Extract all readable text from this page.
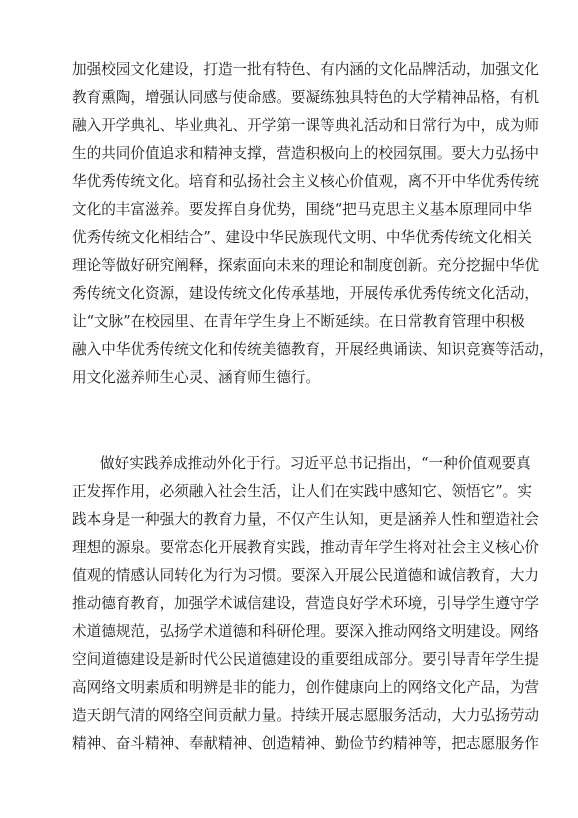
加强校园文化建设，打造一批有特色、有内涵的文化品牌活动，加强文化
教育熏陶，增强认同感与使命感。要凝练独具特色的大学精神品格，有机
融入开学典礼、毕业典礼、开学第一课等典礼活动和日常行为中，成为师
生的共同价值追求和精神支撑，营造积极向上的校园氛围。要大力弘扬中
华优秀传统文化。培育和弘扬社会主义核心价值观，离不开中华优秀传统
文化的丰富滋养。要发挥自身优势，围绕“把马克思主义基本原理同中华
优秀传统文化相结合”、建设中华民族现代文明、中华优秀传统文化相关
理论等做好研究阐释，探索面向未来的理论和制度创新。充分挖掘中华优
秀传统文化资源，建设传统文化传承基地，开展传承优秀传统文化活动，
让“文脉”在校园里、在青年学生身上不断延续。在日常教育管理中积极
融入中华优秀传统文化和传统美德教育，开展经典诵读、知识竞赛等活动，
用文化滋养师生心灵、涵育师生德行。
做好实践养成推动外化于行。习近平总书记指出，“一种价值观要真
正发挥作用，必须融入社会生活，让人们在实践中感知它、领悟它”。实
践本身是一种强大的教育力量，不仅产生认知，更是涵养人性和塑造社会
理想的源泉。要常态化开展教育实践，推动青年学生将对社会主义核心价
值观的情感认同转化为行为习惯。要深入开展公民道德和诚信教育，大力
推动德育教育，加强学术诚信建设，营造良好学术环境，引导学生遵守学
术道德规范，弘扬学术道德和科研伦理。要深入推动网络文明建设。网络
空间道德建设是新时代公民道德建设的重要组成部分。要引导青年学生提
高网络文明素质和明辨是非的能力，创作健康向上的网络文化产品，为营
造天朗气清的网络空间贡献力量。持续开展志愿服务活动，大力弘扬劳动
精神、奋斗精神、奉献精神、创造精神、勤俭节约精神等，把志愿服务作
